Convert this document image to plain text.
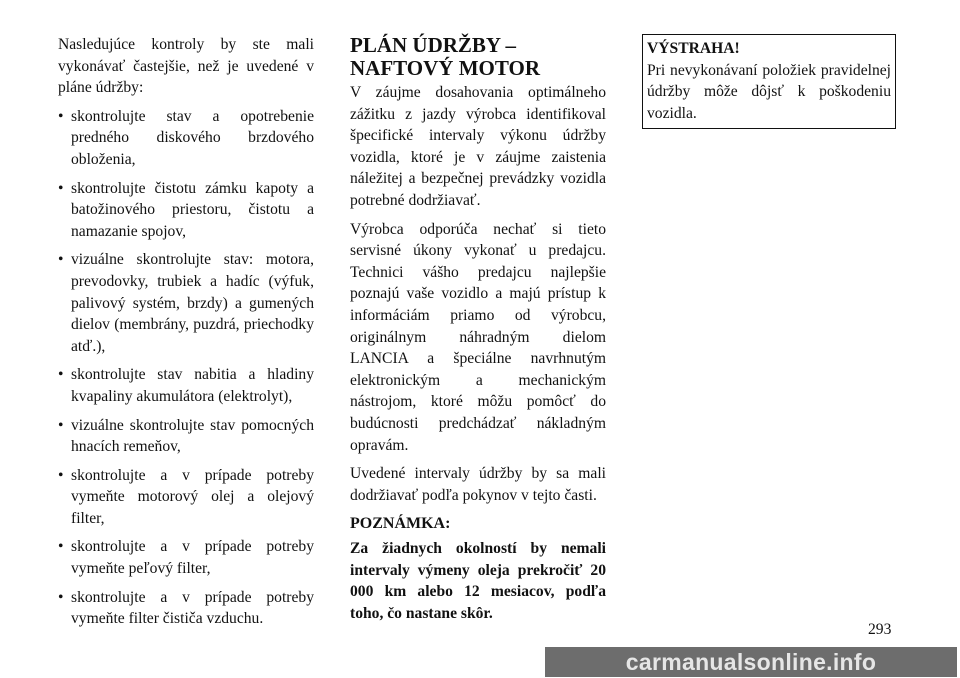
Nasledujúce kontroly by ste mali vykonávať častejšie, než je uvedené v pláne údržby:

• skontrolujte stav a opotrebenie predného diskového brzdového obloženia,
• skontrolujte čistotu zámku kapoty a batožinového priestoru, čistotu a namazanie spojov,
• vizuálne skontrolujte stav: motora, prevodovky, trubiek a hadíc (výfuk, palivový systém, brzdy) a gumených dielov (membrány, puzdrá, priechodky atď.),
• skontrolujte stav nabitia a hladiny kvapaliny akumulátora (elektrolyt),
• vizuálne skontrolujte stav pomocných hnacích remeňov,
• skontrolujte a v prípade potreby vymeňte motorový olej a olejový filter,
• skontrolujte a v prípade potreby vymeňte peľový filter,
• skontrolujte a v prípade potreby vymeňte filter čističa vzduchu.
PLÁN ÚDRŽBY –
NAFTOVÝ MOTOR

V záujme dosahovania optimálneho zážitku z jazdy výrobca identifikoval špecifické intervaly výkonu údržby vozidla, ktoré je v záujme zaistenia náležitej a bezpečnej prevádzky vozidla potrebné dodržiavať.

Výrobca odporúča nechať si tieto servisné úkony vykonať u predajcu. Technici vášho predajcu najlepšie poznajú vaše vozidlo a majú prístup k informáciám priamo od výrobcu, originálnym náhradným dielom LANCIA a špeciálne navrhnutým elektronickým a mechanickým nástrojom, ktoré môžu pomôcť do budúcnosti predchádzať nákladným opravám.

Uvedené intervaly údržby by sa mali dodržiavať podľa pokynov v tejto časti.

POZNÁMKA:

Za žiadnych okolností by nemali intervaly výmeny oleja prekročiť 20 000 km alebo 12 mesiacov, podľa toho, čo nastane skôr.

VÝSTRAHA!

Pri nevykonávaní položiek pravidelnej údržby môže dôjsť k poškodeniu vozidla.

293
carmanualsonline.info
